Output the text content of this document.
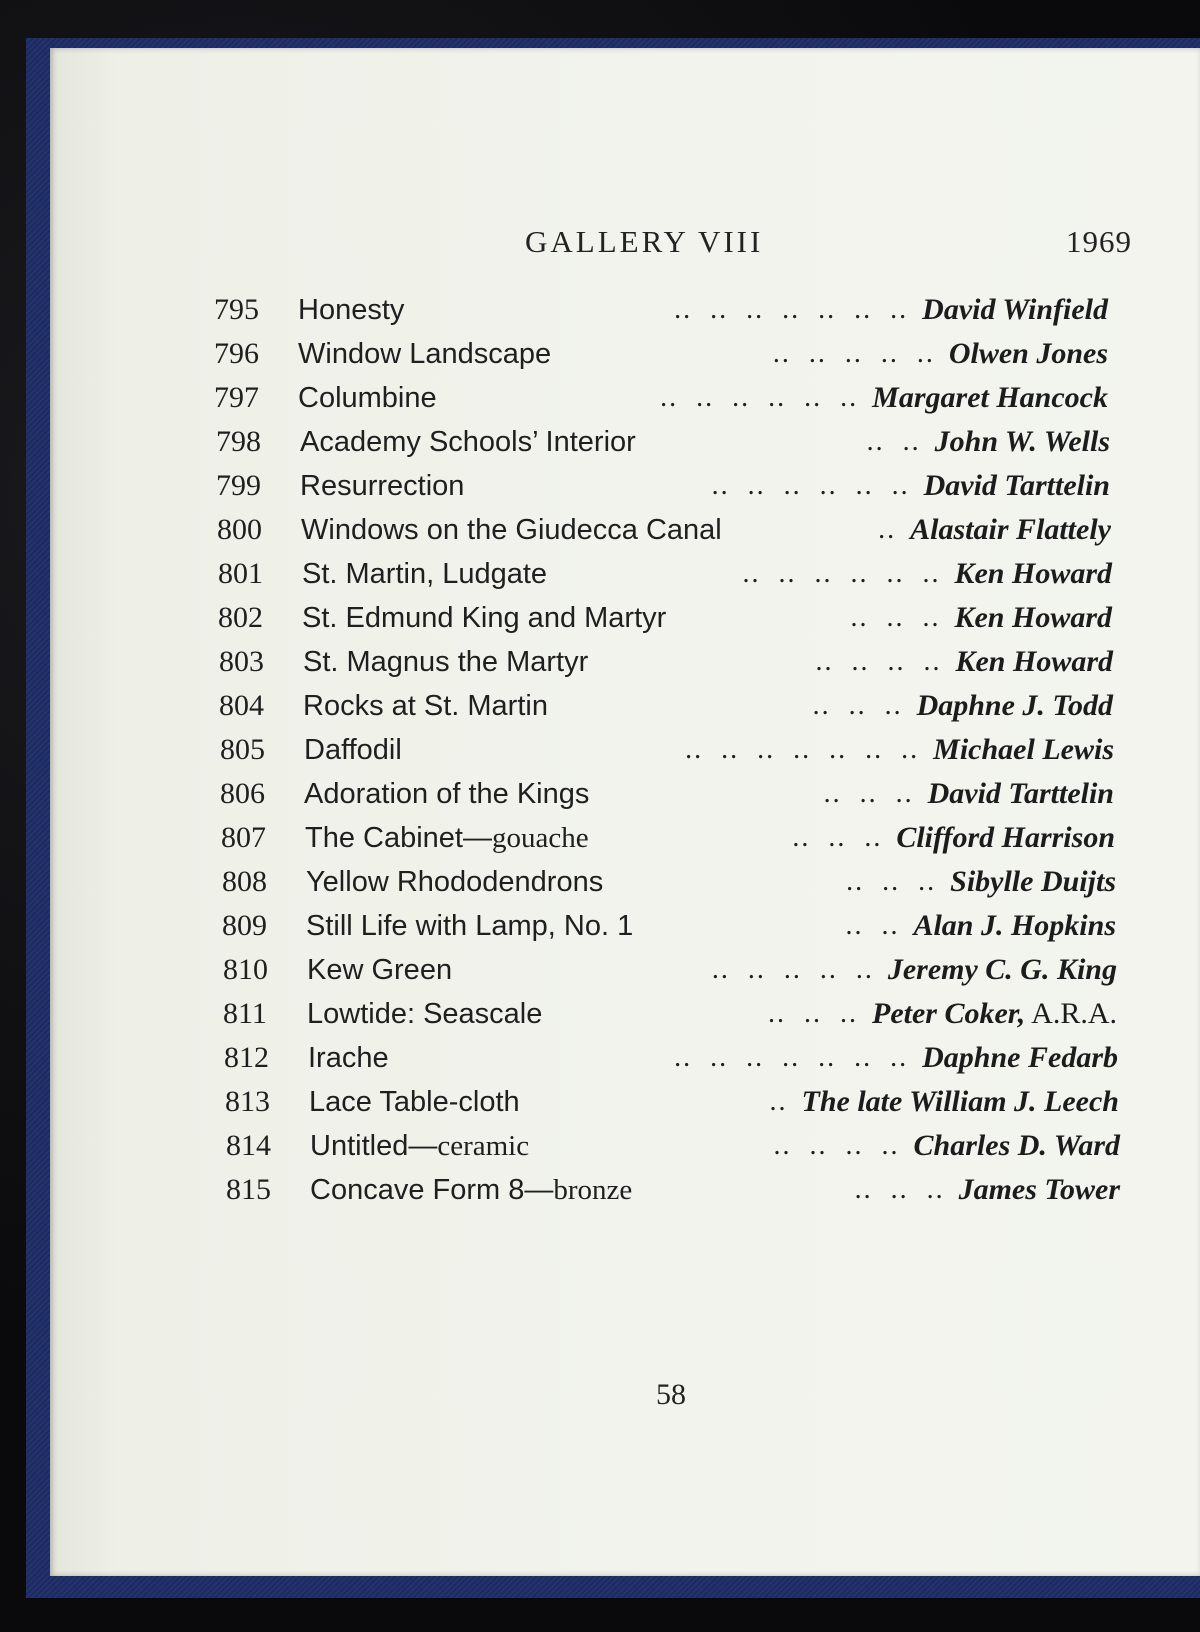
GALLERY VIII	1969
795 Honesty	..  ..  ..  ..  ..  ..  .. David Winfield
796 Window Landscape	..  ..  ..  ..  .. Olwen Jones
797 Columbine	..  ..  ..  ..  ..  .. Margaret Hancock
798 Academy Schools’ Interior	..  .. John W. Wells
799 Resurrection	..  ..  ..  ..  ..  .. David Tarttelin
800 Windows on the Giudecca Canal	.. Alastair Flattely
801 St. Martin, Ludgate	..  ..  ..  ..  ..  .. Ken Howard
802 St. Edmund King and Martyr	..  ..  .. Ken Howard
803 St. Magnus the Martyr	..  ..  ..  .. Ken Howard
804 Rocks at St. Martin	..  ..  .. Daphne J. Todd
805 Daffodil	..  ..  ..  ..  ..  ..  .. Michael Lewis
806 Adoration of the Kings	..  ..  .. David Tarttelin
807 The Cabinet—gouache	..  ..  .. Clifford Harrison
808 Yellow Rhododendrons	..  ..  .. Sibylle Duijts
809 Still Life with Lamp, No. 1	..  .. Alan J. Hopkins
810 Kew Green	..  ..  ..  ..  .. Jeremy C. G. King
811 Lowtide: Seascale	..  ..  .. Peter Coker, A.R.A.
812 Irache	..  ..  ..  ..  ..  ..  .. Daphne Fedarb
813 Lace Table-cloth	.. The late William J. Leech
814 Untitled—ceramic	..  ..  ..  .. Charles D. Ward
815 Concave Form 8—bronze	..  ..  .. James Tower
58
